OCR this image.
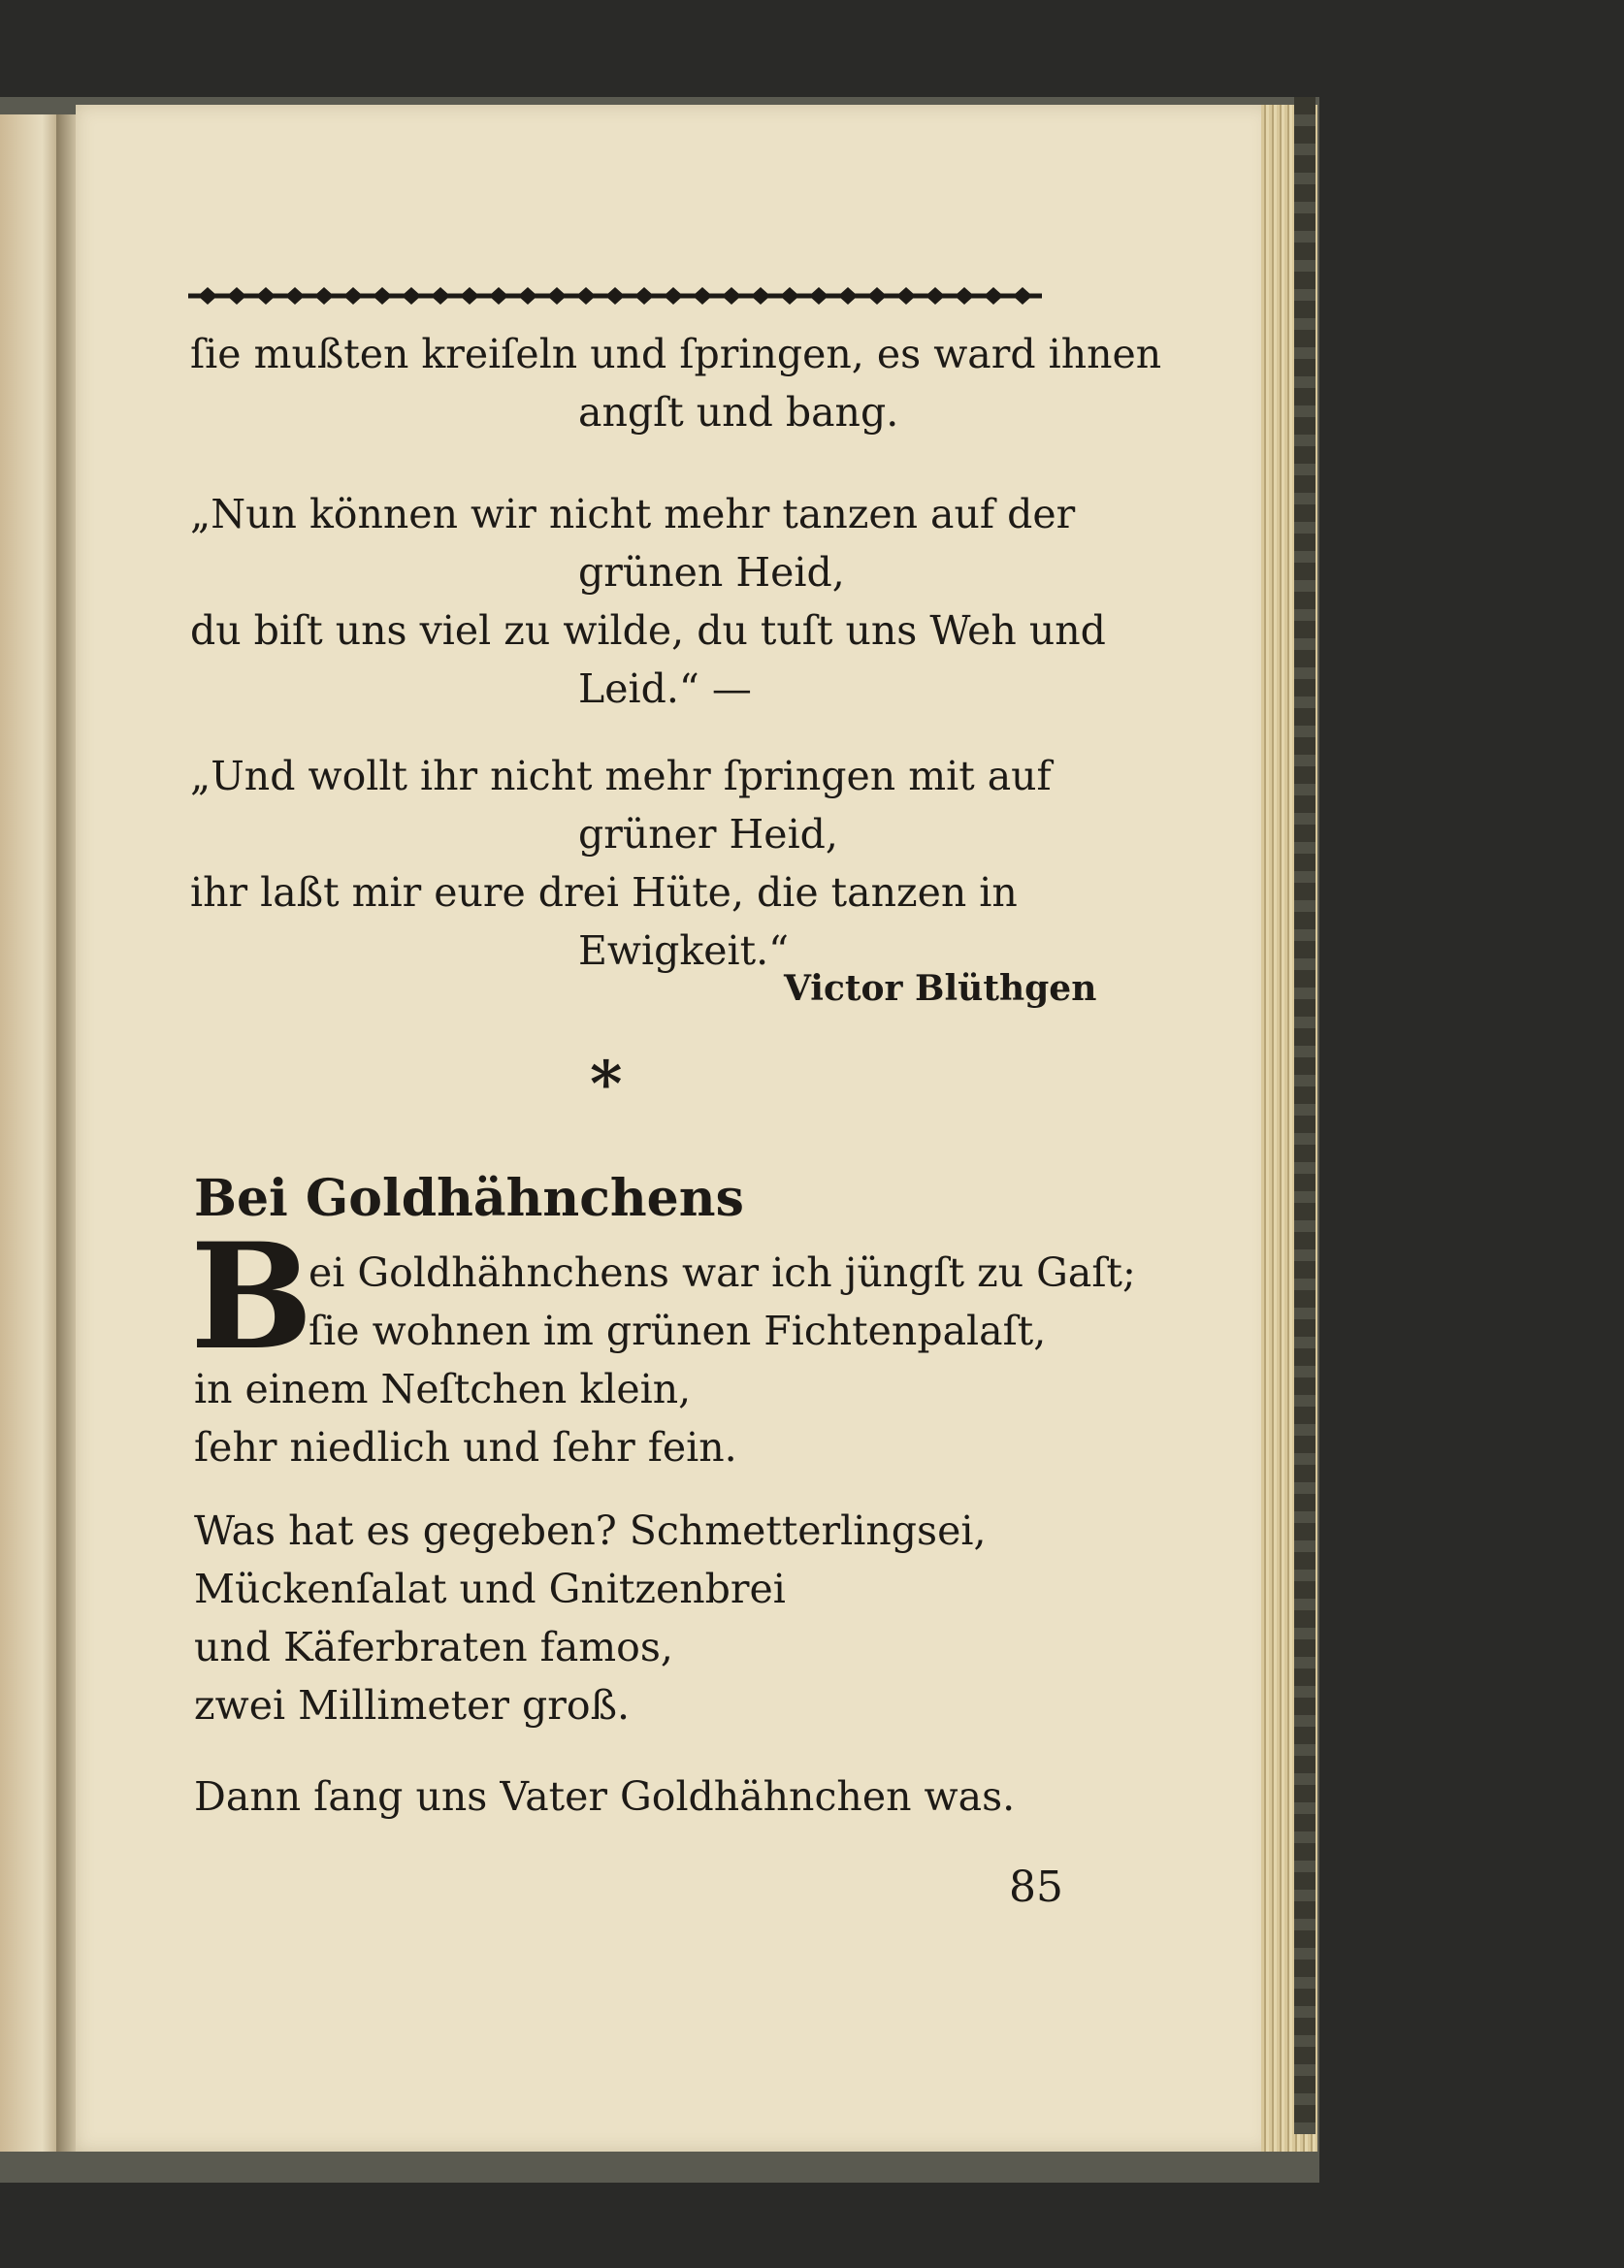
ſie mußten kreiſeln und ſpringen, es ward ihnen
angſt und bang.
„Nun können wir nicht mehr tanzen auf der
grünen Heid,
du biſt uns viel zu wilde, du tuſt uns Weh und
Leid.“ —
„Und wollt ihr nicht mehr ſpringen mit auf
grüner Heid,
ihr laßt mir eure drei Hüte, die tanzen in
Ewigkeit.“
Victor Blüthgen
*
Bei Goldhähnchens
B
ei Goldhähnchens war ich jüngſt zu Gaſt;
ſie wohnen im grünen Fichtenpalaſt,
in einem Neſtchen klein,
ſehr niedlich und ſehr fein.
Was hat es gegeben? Schmetterlingsei,
Mückenſalat und Gnitzenbrei
und Käferbraten famos,
zwei Millimeter groß.
Dann ſang uns Vater Goldhähnchen was.
85
